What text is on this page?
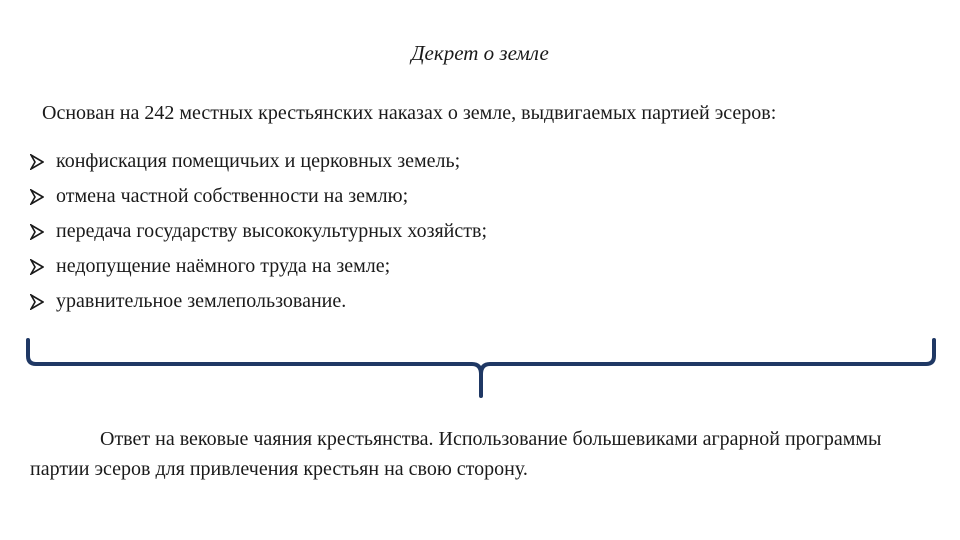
Декрет о земле
Основан на 242 местных крестьянских наказах о земле, выдвигаемых партией эсеров:
конфискация помещичьих и церковных земель;
отмена частной собственности на землю;
передача государству высококультурных хозяйств;
недопущение наёмного труда на земле;
уравнительное землепользование.
Ответ на вековые чаяния крестьянства. Использование большевиками аграрной программы партии эсеров для привлечения крестьян на свою сторону.
